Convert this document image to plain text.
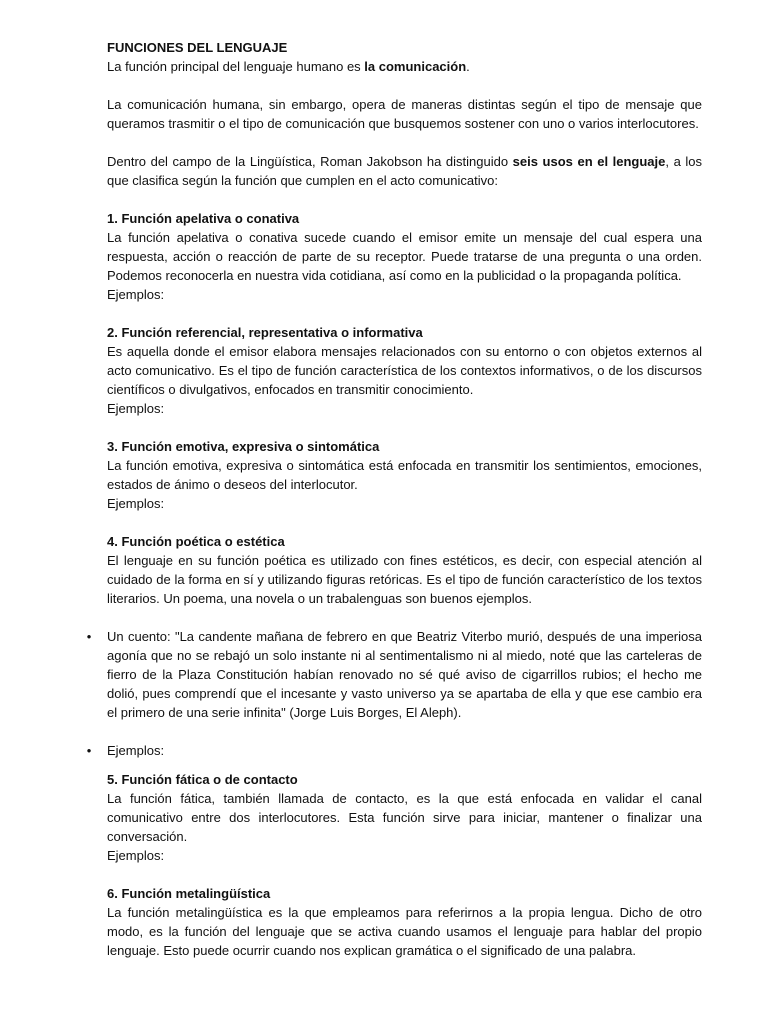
FUNCIONES DEL LENGUAJE

La función principal del lenguaje humano es la comunicación.

La comunicación humana, sin embargo, opera de maneras distintas según el tipo de mensaje que queramos trasmitir o el tipo de comunicación que busquemos sostener con uno o varios interlocutores.

Dentro del campo de la Lingüística, Roman Jakobson ha distinguido seis usos en el lenguaje, a los que clasifica según la función que cumplen en el acto comunicativo:

1. Función apelativa o conativa

La función apelativa o conativa sucede cuando el emisor emite un mensaje del cual espera una respuesta, acción o reacción de parte de su receptor. Puede tratarse de una pregunta o una orden. Podemos reconocerla en nuestra vida cotidiana, así como en la publicidad o la propaganda política.

Ejemplos:

2. Función referencial, representativa o informativa

Es aquella donde el emisor elabora mensajes relacionados con su entorno o con objetos externos al acto comunicativo. Es el tipo de función característica de los contextos informativos, o de los discursos científicos o divulgativos, enfocados en transmitir conocimiento.

Ejemplos:

3. Función emotiva, expresiva o sintomática

La función emotiva, expresiva o sintomática está enfocada en transmitir los sentimientos, emociones, estados de ánimo o deseos del interlocutor.

Ejemplos:

4. Función poética o estética

El lenguaje en su función poética es utilizado con fines estéticos, es decir, con especial atención al cuidado de la forma en sí y utilizando figuras retóricas. Es el tipo de función característico de los textos literarios. Un poema, una novela o un trabalenguas son buenos ejemplos.

• Un cuento: "La candente mañana de febrero en que Beatriz Viterbo murió, después de una imperiosa agonía que no se rebajó un solo instante ni al sentimentalismo ni al miedo, noté que las carteleras de fierro de la Plaza Constitución habían renovado no sé qué aviso de cigarrillos rubios; el hecho me dolió, pues comprendí que el incesante y vasto universo ya se apartaba de ella y que ese cambio era el primero de una serie infinita" (Jorge Luis Borges, El Aleph).

• Ejemplos:

5. Función fática o de contacto

La función fática, también llamada de contacto, es la que está enfocada en validar el canal comunicativo entre dos interlocutores. Esta función sirve para iniciar, mantener o finalizar una conversación.

Ejemplos:

6. Función metalingüística

La función metalingüística es la que empleamos para referirnos a la propia lengua. Dicho de otro modo, es la función del lenguaje que se activa cuando usamos el lenguaje para hablar del propio lenguaje. Esto puede ocurrir cuando nos explican gramática o el significado de una palabra.
